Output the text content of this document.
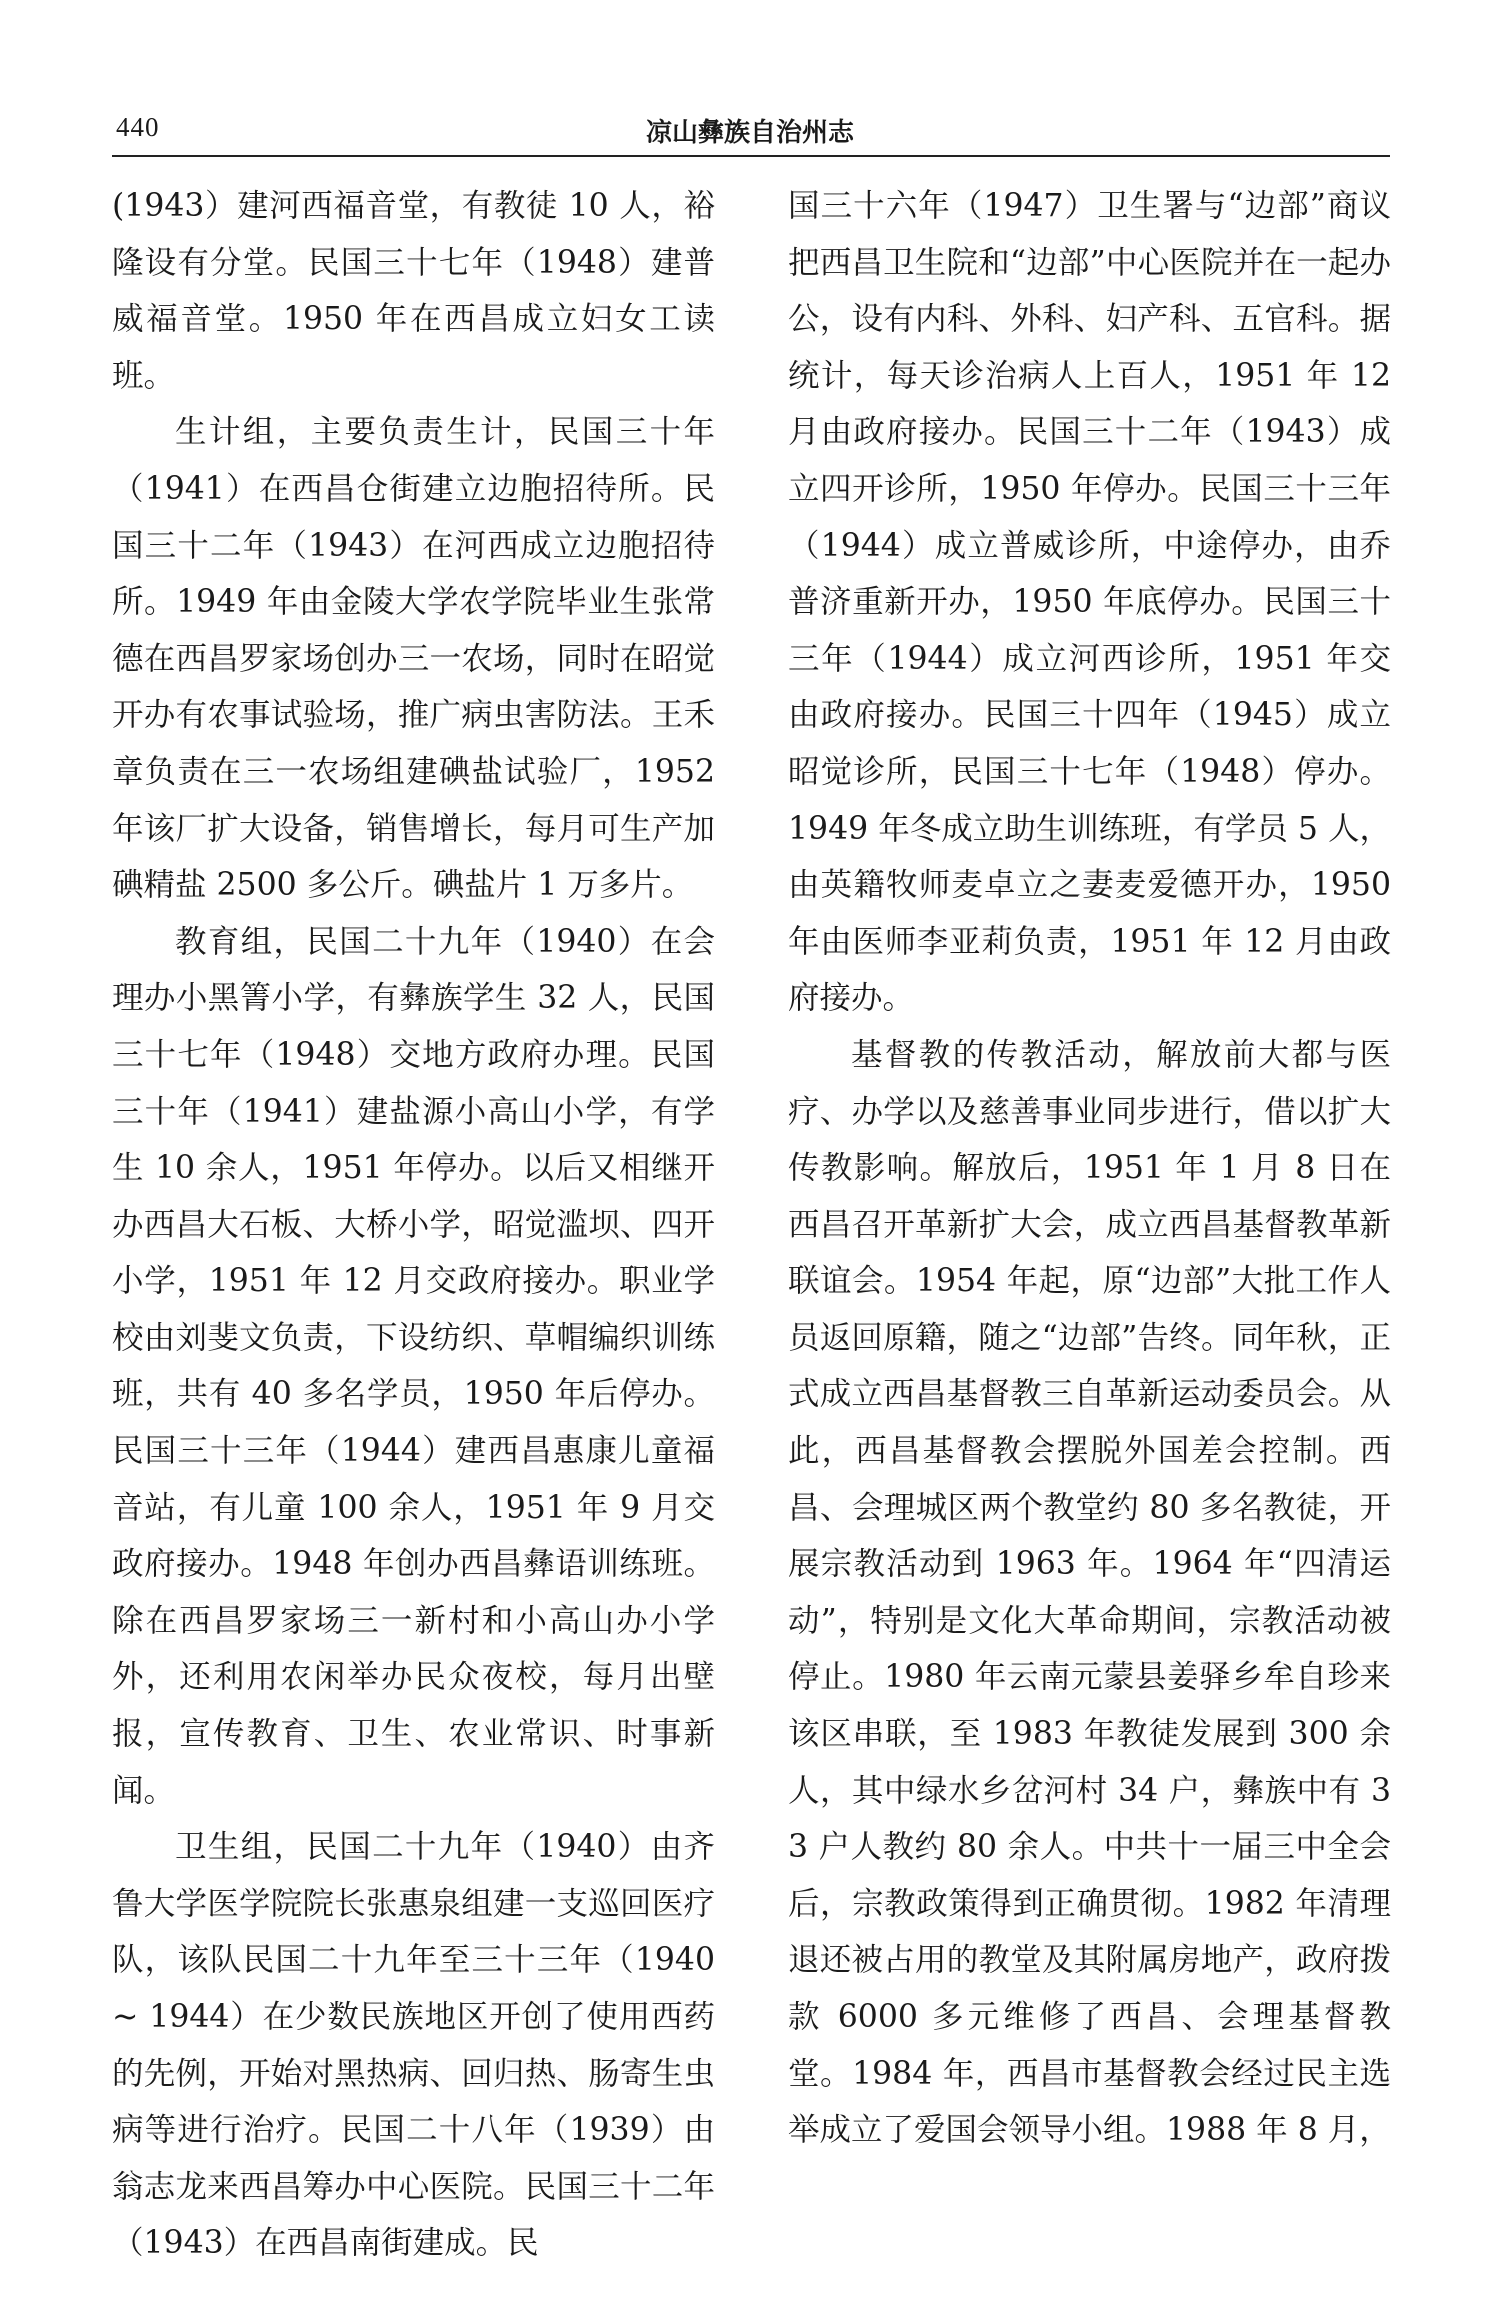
440	凉山彝族自治州志

(1943）建河西福音堂，有教徒 10 人，裕隆设有分堂。民国三十七年（1948）建普威福音堂。1950 年在西昌成立妇女工读班。

生计组，主要负责生计，民国三十年（1941）在西昌仓街建立边胞招待所。民国三十二年（1943）在河西成立边胞招待所。1949 年由金陵大学农学院毕业生张常德在西昌罗家场创办三一农场，同时在昭觉开办有农事试验场，推广病虫害防法。王禾章负责在三一农场组建碘盐试验厂，1952 年该厂扩大设备，销售增长，每月可生产加碘精盐 2500 多公斤。碘盐片 1 万多片。

教育组，民国二十九年（1940）在会理办小黑箐小学，有彝族学生 32 人，民国三十七年（1948）交地方政府办理。民国三十年（1941）建盐源小高山小学，有学生 10 余人，1951 年停办。以后又相继开办西昌大石板、大桥小学，昭觉滥坝、四开小学，1951 年 12 月交政府接办。职业学校由刘斐文负责，下设纺织、草帽编织训练班，共有 40 多名学员，1950 年后停办。民国三十三年（1944）建西昌惠康儿童福音站，有儿童 100 余人，1951 年 9 月交政府接办。1948 年创办西昌彝语训练班。除在西昌罗家场三一新村和小高山办小学外，还利用农闲举办民众夜校，每月出壁报，宣传教育、卫生、农业常识、时事新闻。

卫生组，民国二十九年（1940）由齐鲁大学医学院院长张惠泉组建一支巡回医疗队，该队民国二十九年至三十三年（1940 ~ 1944）在少数民族地区开创了使用西药的先例，开始对黑热病、回归热、肠寄生虫病等进行治疗。民国二十八年（1939）由翁志龙来西昌筹办中心医院。民国三十二年（1943）在西昌南街建成。民

国三十六年（1947）卫生署与“边部”商议把西昌卫生院和“边部”中心医院并在一起办公，设有内科、外科、妇产科、五官科。据统计，每天诊治病人上百人，1951 年 12 月由政府接办。民国三十二年（1943）成立四开诊所，1950 年停办。民国三十三年（1944）成立普威诊所，中途停办，由乔普济重新开办，1950 年底停办。民国三十三年（1944）成立河西诊所，1951 年交由政府接办。民国三十四年（1945）成立昭觉诊所，民国三十七年（1948）停办。1949 年冬成立助生训练班，有学员 5 人，由英籍牧师麦卓立之妻麦爱德开办，1950 年由医师李亚莉负责，1951 年 12 月由政府接办。

基督教的传教活动，解放前大都与医疗、办学以及慈善事业同步进行，借以扩大传教影响。解放后，1951 年 1 月 8 日在西昌召开革新扩大会，成立西昌基督教革新联谊会。1954 年起，原“边部”大批工作人员返回原籍，随之“边部”告终。同年秋，正式成立西昌基督教三自革新运动委员会。从此，西昌基督教会摆脱外国差会控制。西昌、会理城区两个教堂约 80 多名教徒，开展宗教活动到 1963 年。1964 年“四清运动”，特别是文化大革命期间，宗教活动被停止。1980 年云南元蒙县姜驿乡牟自珍来该区串联，至 1983 年教徒发展到 300 余人，其中绿水乡岔河村 34 户，彝族中有 33 户人教约 80 余人。中共十一届三中全会后，宗教政策得到正确贯彻。1982 年清理退还被占用的教堂及其附属房地产，政府拨款 6000 多元维修了西昌、会理基督教堂。1984 年，西昌市基督教会经过民主选举成立了爱国会领导小组。1988 年 8 月，
